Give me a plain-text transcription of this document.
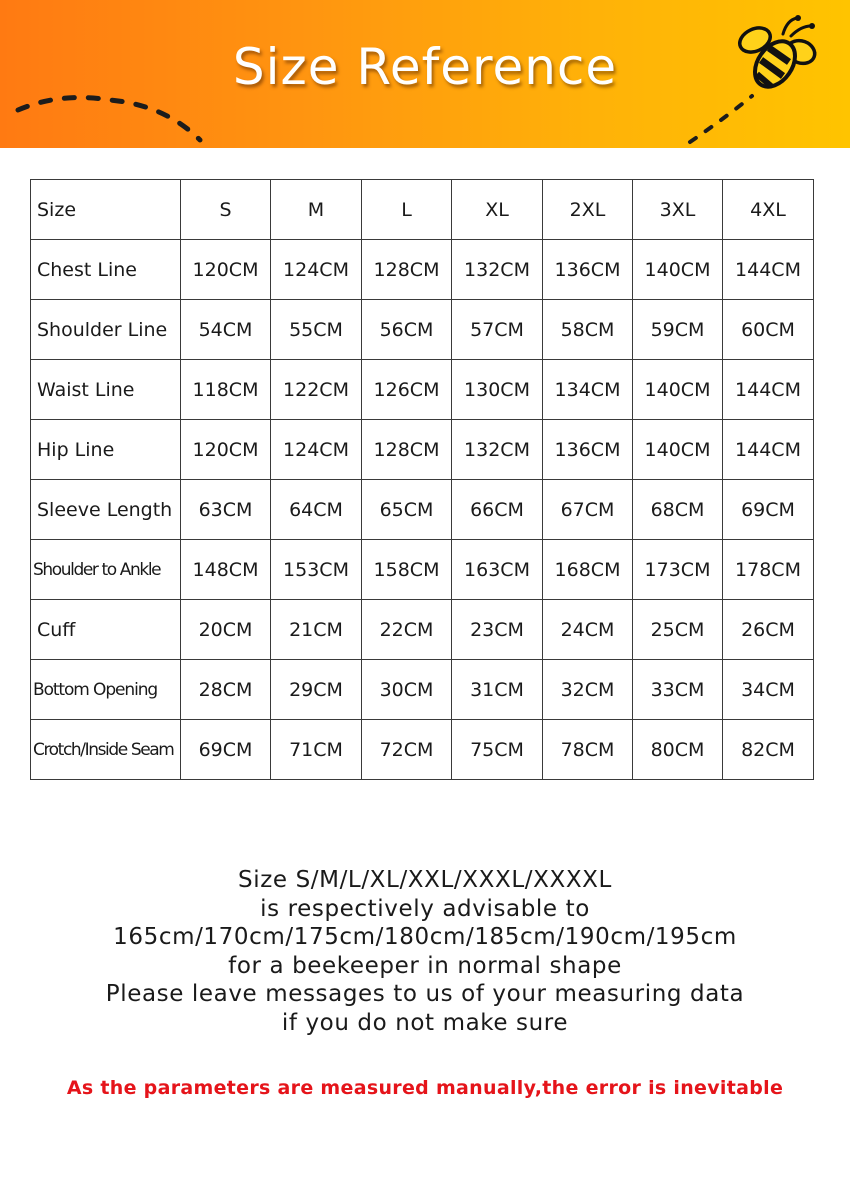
Size Reference
Size	S	M	L	XL	2XL	3XL	4XL
Chest Line	120CM	124CM	128CM	132CM	136CM	140CM	144CM
Shoulder Line	54CM	55CM	56CM	57CM	58CM	59CM	60CM
Waist Line	118CM	122CM	126CM	130CM	134CM	140CM	144CM
Hip Line	120CM	124CM	128CM	132CM	136CM	140CM	144CM
Sleeve Length	63CM	64CM	65CM	66CM	67CM	68CM	69CM
Shoulder to Ankle	148CM	153CM	158CM	163CM	168CM	173CM	178CM
Cuff	20CM	21CM	22CM	23CM	24CM	25CM	26CM
Bottom Opening	28CM	29CM	30CM	31CM	32CM	33CM	34CM
Crotch/Inside Seam	69CM	71CM	72CM	75CM	78CM	80CM	82CM
Size S/M/L/XL/XXL/XXXL/XXXXL
is respectively advisable to
165cm/170cm/175cm/180cm/185cm/190cm/195cm
for a beekeeper in normal shape
Please leave messages to us of your measuring data
if you do not make sure
As the parameters are measured manually,the error is inevitable
